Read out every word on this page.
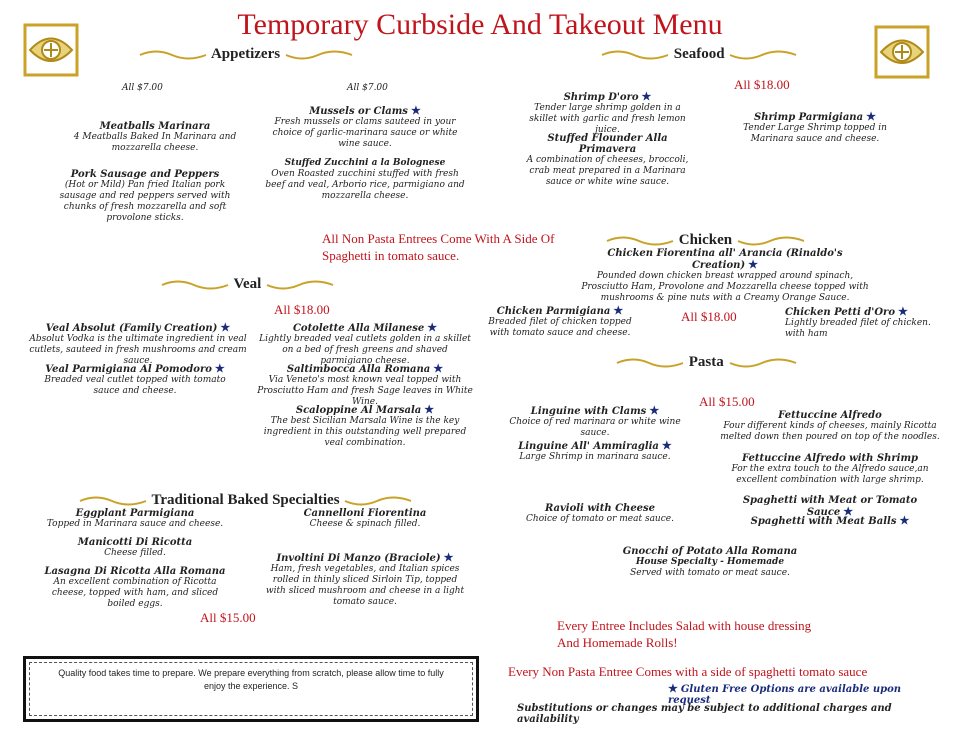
Temporary Curbside And Takeout Menu
Appetizers	Seafood
All $7.00	All $7.00
Meatballs Marinara
4 Meatballs Baked In Marinara and mozzarella cheese.
Pork Sausage and Peppers
(Hot or Mild) Pan fried Italian pork sausage and red peppers served with chunks of fresh mozzarella and soft provolone sticks.
Mussels or Clams ★
Fresh mussels or clams sauteed in your choice of garlic-marinara sauce or white wine sauce.
Stuffed Zucchini a la Bolognese
Oven Roasted zucchini stuffed with fresh beef and veal, Arborio rice, parmigiano and mozzarella cheese.
Shrimp D'oro ★
Tender large shrimp golden in a skillet with garlic and fresh lemon juice.
Stuffed Flounder Alla Primavera
A combination of cheeses, broccoli, crab meat prepared in a Marinara sauce or white wine sauce.
All $18.00
Shrimp Parmigiana ★
Tender Large Shrimp topped in Marinara sauce and cheese.
All Non Pasta Entrees Come With A Side Of Spaghetti in tomato sauce.
Chicken
Chicken Fiorentina all' Arancia (Rinaldo's Creation) ★
Pounded down chicken breast wrapped around spinach, Prosciutto Ham, Provolone and Mozzarella cheese topped with mushrooms & pine nuts with a Creamy Orange Sauce.
Chicken Parmigiana ★
Breaded filet of chicken topped with tomato sauce and cheese.
All $18.00	Chicken Petti d'Oro ★
Lightly breaded filet of chicken. with ham
Veal
All $18.00
Veal Absolut (Family Creation) ★
Absolut Vodka is the ultimate ingredient in veal cutlets, sauteed in fresh mushrooms and cream sauce.
Veal Parmigiana Al Pomodoro ★
Breaded veal cutlet topped with tomato sauce and cheese.
Cotolette Alla Milanese ★
Lightly breaded veal cutlets golden in a skillet on a bed of fresh greens and shaved parmigiano cheese.
Saltimbocca Alla Romana ★
Via Veneto's most known veal topped with Prosciutto Ham and fresh Sage leaves in White Wine.
Scaloppine Al Marsala ★
The best Sicilian Marsala Wine is the key ingredient in this outstanding well prepared veal combination.
Pasta
All $15.00
Linguine with Clams ★
Choice of red marinara or white wine sauce.
Linguine All' Ammiraglia ★
Large Shrimp in marinara sauce.
Ravioli with Cheese
Choice of tomato or meat sauce.
Gnocchi of Potato Alla Romana
House Specialty - Homemade
Served with tomato or meat sauce.
Fettuccine Alfredo
Four different kinds of cheeses, mainly Ricotta melted down then poured on top of the noodles.
Fettuccine Alfredo with Shrimp
For the extra touch to the Alfredo sauce,an excellent combination with large shrimp.
Spaghetti with Meat or Tomato Sauce ★
Spaghetti with Meat Balls ★
Traditional Baked Specialties
Eggplant Parmigiana
Topped in Marinara sauce and cheese.
Manicotti Di Ricotta
Cheese filled.
Lasagna Di Ricotta Alla Romana
An excellent combination of Ricotta cheese, topped with ham, and sliced boiled eggs.
Cannelloni Fiorentina
Cheese & spinach filled.
Involtini Di Manzo (Braciole) ★
Ham, fresh vegetables, and Italian spices rolled in thinly sliced Sirloin Tip, topped with sliced mushroom and cheese in a light tomato sauce.
All $15.00
Every Entree Includes Salad with house dressing
And Homemade Rolls!
Every Non Pasta Entree Comes with a side of spaghetti tomato sauce
★ Gluten Free Options are available upon request
Substitutions or changes may be subject to additional charges and availability
Quality food takes time to prepare. We prepare everything from scratch, please allow time to fully enjoy the experience. S
